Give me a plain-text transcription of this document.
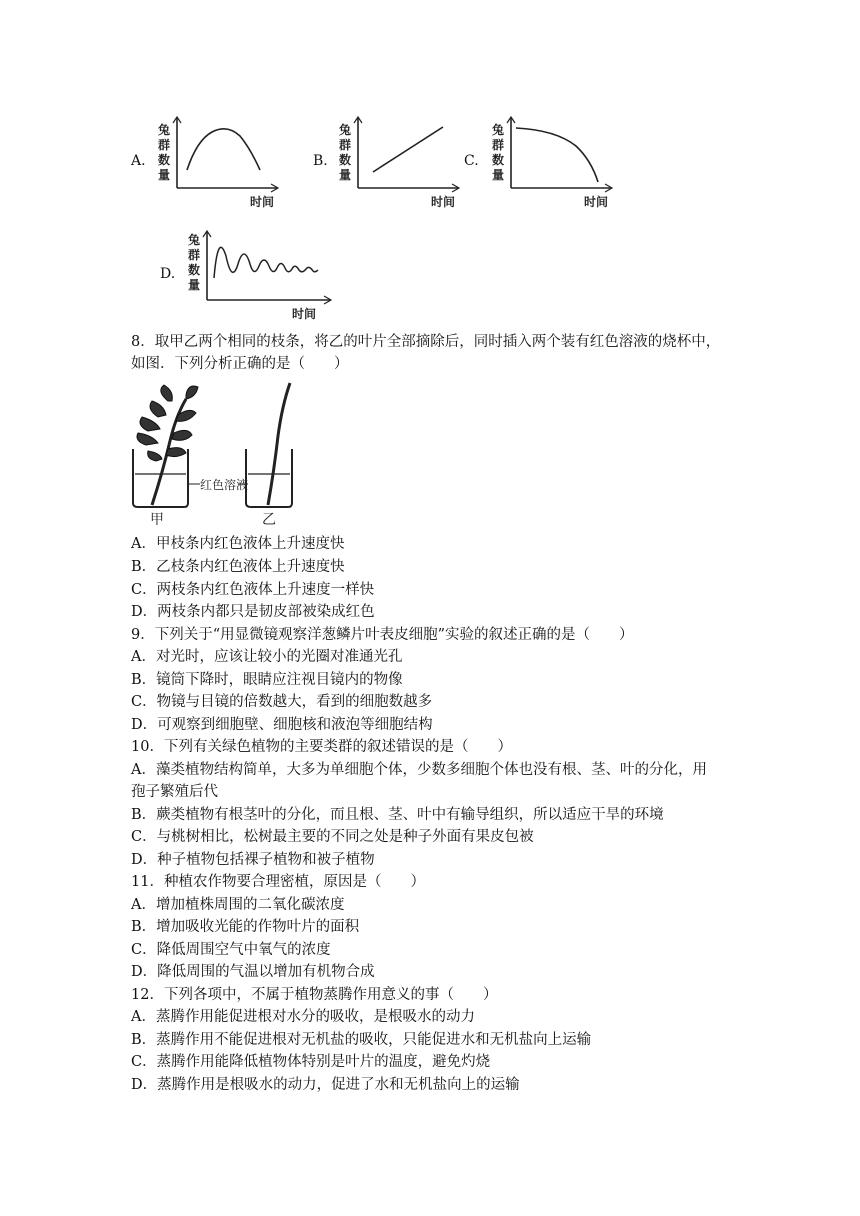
A.
兔
群
数
量
时间
B.
兔
群
数
量
时间
C.
兔
群
数
量
时间
D.
兔
群
数
量
时间
8．取甲乙两个相同的枝条，将乙的叶片全部摘除后，同时插入两个装有红色溶液的烧杯中，
如图．下列分析正确的是（　　）
红色溶液
甲	乙
A．甲枝条内红色液体上升速度快
B．乙枝条内红色液体上升速度快
C．两枝条内红色液体上升速度一样快
D．两枝条内都只是韧皮部被染成红色
9．下列关于“用显微镜观察洋葱鳞片叶表皮细胞”实验的叙述正确的是（　　）
A．对光时，应该让较小的光圈对准通光孔
B．镜筒下降时，眼睛应注视目镜内的物像
C．物镜与目镜的倍数越大，看到的细胞数越多
D．可观察到细胞壁、细胞核和液泡等细胞结构
10．下列有关绿色植物的主要类群的叙述错误的是（　　）
A．藻类植物结构简单，大多为单细胞个体，少数多细胞个体也没有根、茎、叶的分化，用
孢子繁殖后代
B．蕨类植物有根茎叶的分化，而且根、茎、叶中有输导组织，所以适应干旱的环境
C．与桃树相比，松树最主要的不同之处是种子外面有果皮包被
D．种子植物包括裸子植物和被子植物
11．种植农作物要合理密植，原因是（　　）
A．增加植株周围的二氧化碳浓度
B．增加吸收光能的作物叶片的面积
C．降低周围空气中氧气的浓度
D．降低周围的气温以增加有机物合成
12．下列各项中，不属于植物蒸腾作用意义的事（　　）
A．蒸腾作用能促进根对水分的吸收，是根吸水的动力
B．蒸腾作用不能促进根对无机盐的吸收，只能促进水和无机盐向上运输
C．蒸腾作用能降低植物体特别是叶片的温度，避免灼烧
D．蒸腾作用是根吸水的动力，促进了水和无机盐向上的运输
